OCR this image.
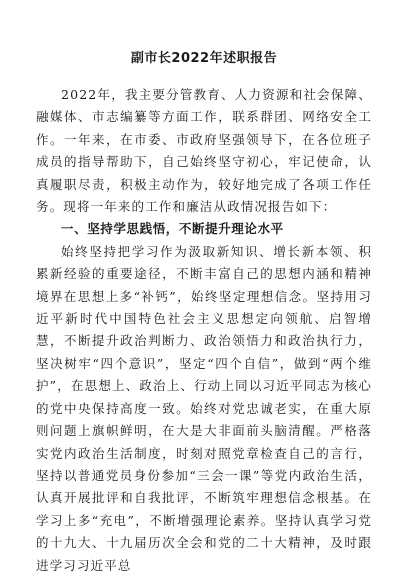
副市长2022年述职报告

2022年，我主要分管教育、人力资源和社会保障、融媒体、市志编纂等方面工作，联系群团、网络安全工作。一年来，在市委、市政府坚强领导下，在各位班子成员的指导帮助下，自己始终坚守初心，牢记使命，认真履职尽责，积极主动作为，较好地完成了各项工作任务。现将一年来的工作和廉洁从政情况报告如下：

一、坚持学思践悟，不断提升理论水平

始终坚持把学习作为汲取新知识、增长新本领、积累新经验的重要途径，不断丰富自己的思想内涵和精神境界在思想上多“补钙”，始终坚定理想信念。坚持用习近平新时代中国特色社会主义思想定向领航、启智增慧，不断提升政治判断力、政治领悟力和政治执行力，坚决树牢“四个意识”，坚定“四个自信”，做到“两个维护”，在思想上、政治上、行动上同以习近平同志为核心的党中央保持高度一致。始终对党忠诚老实，在重大原则问题上旗帜鲜明，在大是大非面前头脑清醒。严格落实党内政治生活制度，时刻对照党章检查自己的言行，坚持以普通党员身份参加“三会一课”等党内政治生活，认真开展批评和自我批评，不断筑牢理想信念根基。在学习上多“充电”，不断增强理论素养。坚持认真学习党的十九大、十九届历次全会和党的二十大精神，及时跟进学习习近平总
